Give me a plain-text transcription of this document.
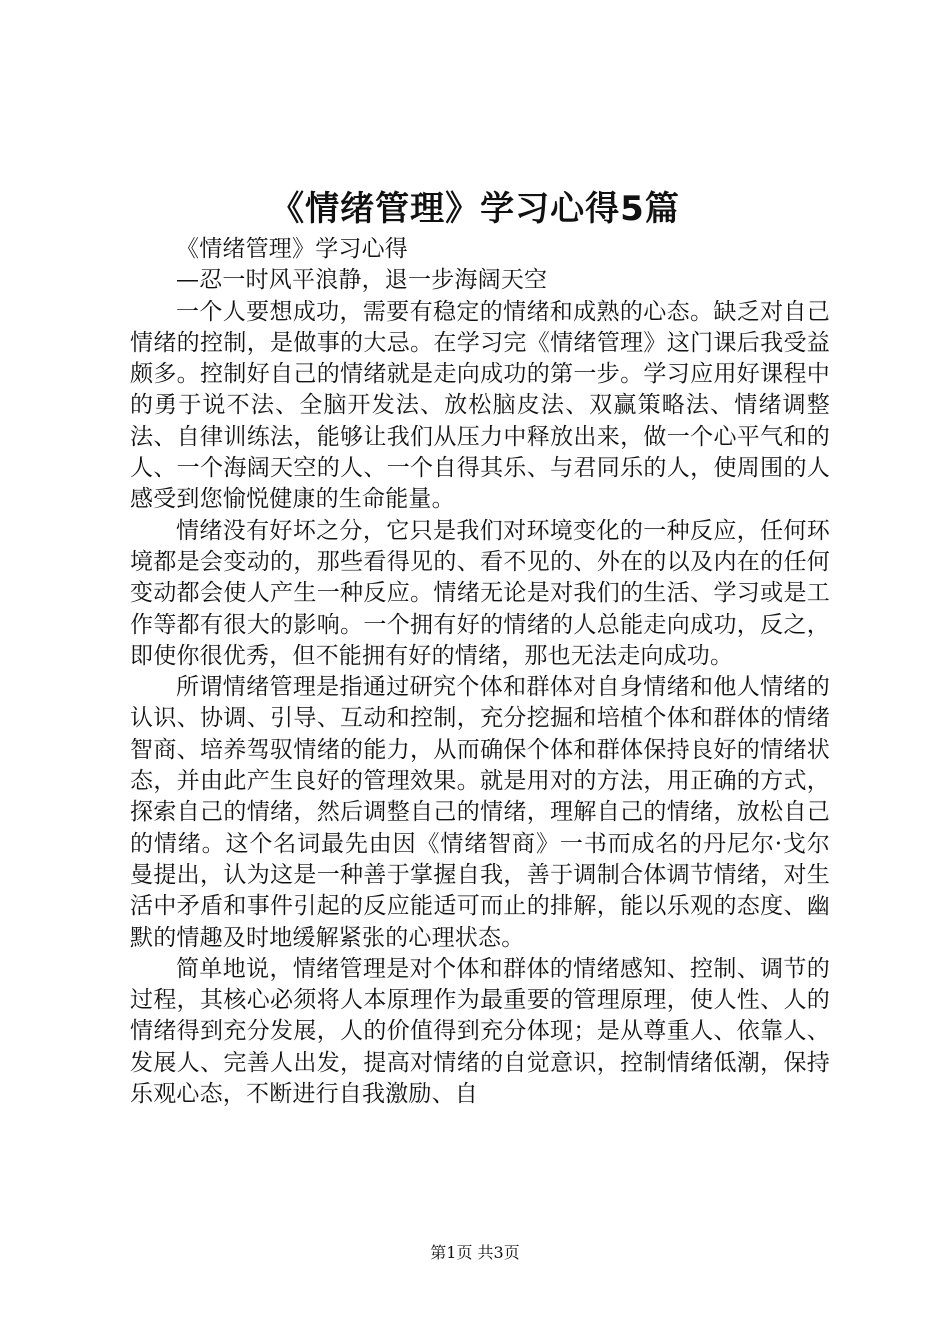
《情绪管理》学习心得5篇

《情绪管理》学习心得

—忍一时风平浪静，退一步海阔天空

一个人要想成功，需要有稳定的情绪和成熟的心态。缺乏对自己情绪的控制，是做事的大忌。在学习完《情绪管理》这门课后我受益颇多。控制好自己的情绪就是走向成功的第一步。学习应用好课程中的勇于说不法、全脑开发法、放松脑皮法、双赢策略法、情绪调整法、自律训练法，能够让我们从压力中释放出来，做一个心平气和的人、一个海阔天空的人、一个自得其乐、与君同乐的人，使周围的人感受到您愉悦健康的生命能量。

情绪没有好坏之分，它只是我们对环境变化的一种反应，任何环境都是会变动的，那些看得见的、看不见的、外在的以及内在的任何变动都会使人产生一种反应。情绪无论是对我们的生活、学习或是工作等都有很大的影响。一个拥有好的情绪的人总能走向成功，反之，即使你很优秀，但不能拥有好的情绪，那也无法走向成功。

所谓情绪管理是指通过研究个体和群体对自身情绪和他人情绪的认识、协调、引导、互动和控制，充分挖掘和培植个体和群体的情绪智商、培养驾驭情绪的能力，从而确保个体和群体保持良好的情绪状态，并由此产生良好的管理效果。就是用对的方法，用正确的方式，探索自己的情绪，然后调整自己的情绪，理解自己的情绪，放松自己的情绪。这个名词最先由因《情绪智商》一书而成名的丹尼尔·戈尔曼提出，认为这是一种善于掌握自我，善于调制合体调节情绪，对生活中矛盾和事件引起的反应能适可而止的排解，能以乐观的态度、幽默的情趣及时地缓解紧张的心理状态。

简单地说，情绪管理是对个体和群体的情绪感知、控制、调节的过程，其核心必须将人本原理作为最重要的管理原理，使人性、人的情绪得到充分发展，人的价值得到充分体现；是从尊重人、依靠人、发展人、完善人出发，提高对情绪的自觉意识，控制情绪低潮，保持乐观心态，不断进行自我激励、自

第1页 共3页
